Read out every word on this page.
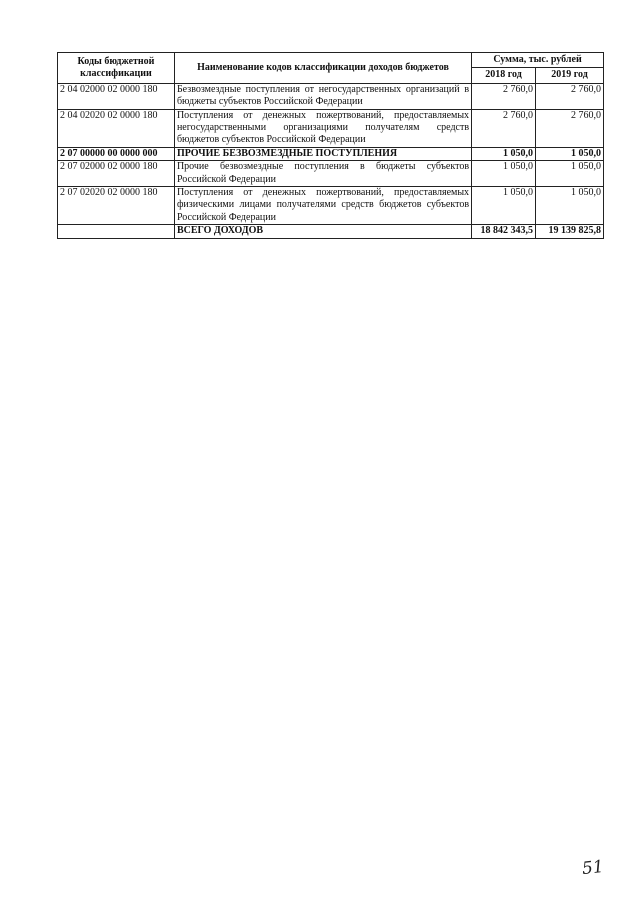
Коды бюджетной классификации	Наименование кодов классификации доходов бюджетов	Сумма, тыс. рублей	
		2018 год	2019 год
2 04 02000 02 0000 180	Безвозмездные поступления от негосударственных организаций в бюджеты субъектов Российской Федерации	2 760,0	2 760,0
2 04 02020 02 0000 180	Поступления от денежных пожертвований, предоставляемых негосударственными организациями получателям средств бюджетов субъектов Российской Федерации	2 760,0	2 760,0
2 07 00000 00 0000 000	ПРОЧИЕ БЕЗВОЗМЕЗДНЫЕ ПОСТУПЛЕНИЯ	1 050,0	1 050,0
2 07 02000 02 0000 180	Прочие безвозмездные поступления в бюджеты субъектов Российской Федерации	1 050,0	1 050,0
2 07 02020 02 0000 180	Поступления от денежных пожертвований, предоставляемых физическими лицами получателями средств бюджетов субъектов Российской Федерации	1 050,0	1 050,0
	ВСЕГО ДОХОДОВ	18 842 343,5	19 139 825,8
51
